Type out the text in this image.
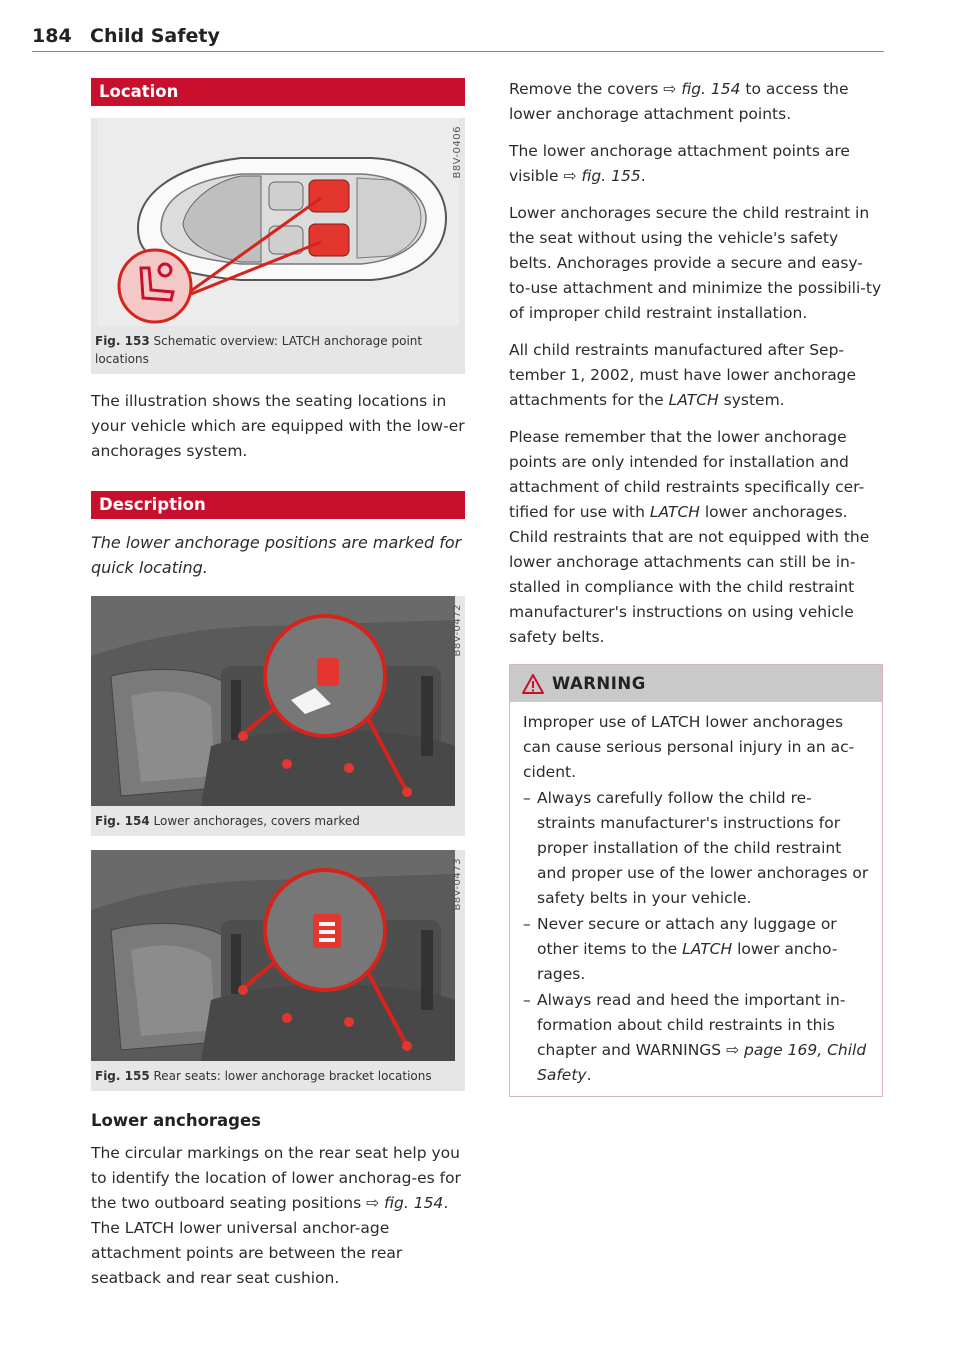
184 Child Safety
Location
B8V-0406
Fig. 153 Schematic overview: LATCH anchorage point locations

The illustration shows the seating locations in your vehicle which are equipped with the low-er anchorages system.

Description

The lower anchorage positions are marked for quick locating.

B8V-0472
Fig. 154 Lower anchorages, covers marked
B8V-0473
Fig. 155 Rear seats: lower anchorage bracket locations
Lower anchorages

The circular markings on the rear seat help you to identify the location of lower anchorag-es for the two outboard seating positions ⇨ fig. 154. The LATCH lower universal anchor-age attachment points are between the rear seatback and rear seat cushion.

Remove the covers ⇨ fig. 154 to access the lower anchorage attachment points.

The lower anchorage attachment points are visible ⇨ fig. 155.

Lower anchorages secure the child restraint in the seat without using the vehicle's safety belts. Anchorages provide a secure and easy-to-use attachment and minimize the possibili-ty of improper child restraint installation.

All child restraints manufactured after Sep-tember 1, 2002, must have lower anchorage attachments for the LATCH system.

Please remember that the lower anchorage points are only intended for installation and attachment of child restraints specifically cer-tified for use with LATCH lower anchorages. Child restraints that are not equipped with the lower anchorage attachments can still be in-stalled in compliance with the child restraint manufacturer's instructions on using vehicle safety belts.

WARNING

Improper use of LATCH lower anchorages can cause serious personal injury in an ac-cident.

– Always carefully follow the child re-straints manufacturer's instructions for proper installation of the child restraint and proper use of the lower anchorages or safety belts in your vehicle.

– Never secure or attach any luggage or other items to the LATCH lower ancho-rages.

– Always read and heed the important in-formation about child restraints in this chapter and WARNINGS ⇨ page 169, Child Safety.
